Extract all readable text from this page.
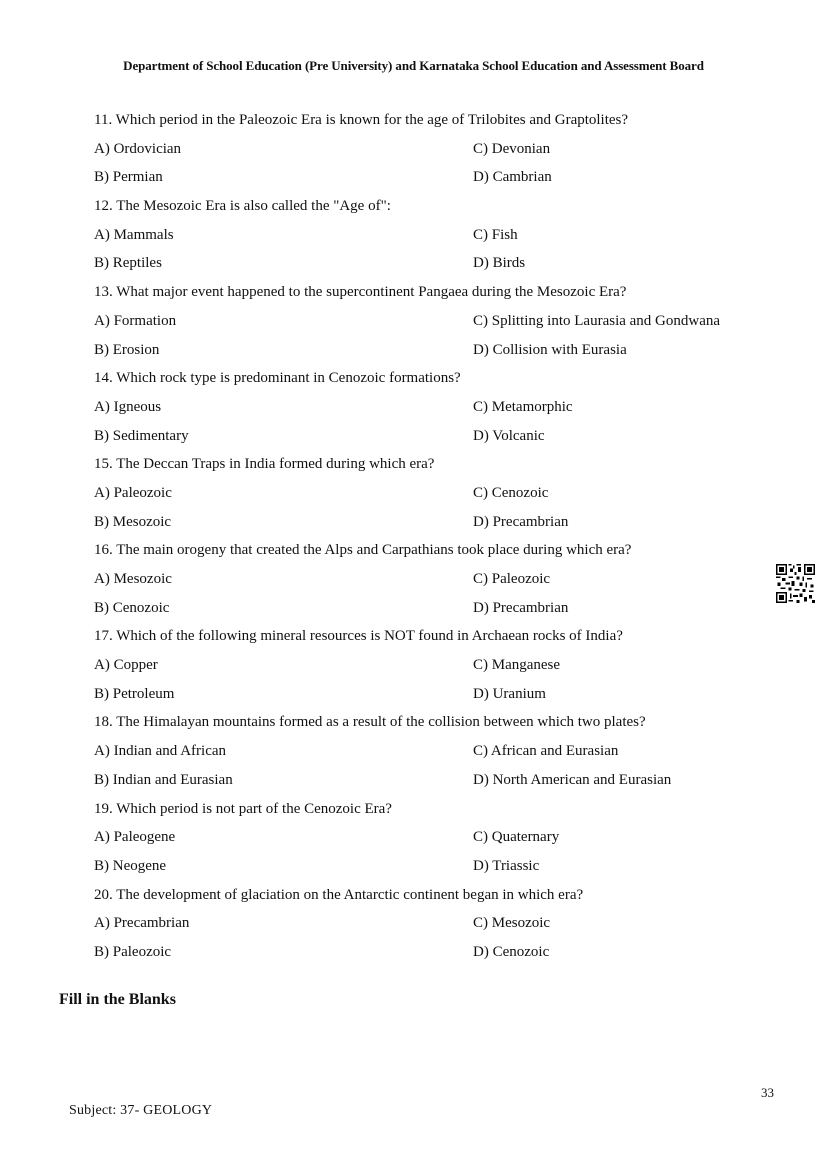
Department of School Education (Pre University) and Karnataka School Education and Assessment Board
11. Which period in the Paleozoic Era is known for the age of Trilobites and Graptolites?
A) Ordovician	C) Devonian
B) Permian	D) Cambrian
12. The Mesozoic Era is also called the "Age of":
A) Mammals	C) Fish
B) Reptiles	D) Birds
13. What major event happened to the supercontinent Pangaea during the Mesozoic Era?
A) Formation	C) Splitting into Laurasia and Gondwana
B) Erosion	D) Collision with Eurasia
14. Which rock type is predominant in Cenozoic formations?
A) Igneous	C) Metamorphic
B) Sedimentary	D) Volcanic
15. The Deccan Traps in India formed during which era?
A) Paleozoic	C) Cenozoic
B) Mesozoic	D) Precambrian
16. The main orogeny that created the Alps and Carpathians took place during which era?
A) Mesozoic	C) Paleozoic
B) Cenozoic	D) Precambrian
17. Which of the following mineral resources is NOT found in Archaean rocks of India?
A) Copper	C) Manganese
B) Petroleum	D) Uranium
18. The Himalayan mountains formed as a result of the collision between which two plates?
A) Indian and African	C) African and Eurasian
B) Indian and Eurasian	D) North American and Eurasian
19. Which period is not part of the Cenozoic Era?
A) Paleogene	C) Quaternary
B) Neogene	D) Triassic
20. The development of glaciation on the Antarctic continent began in which era?
A) Precambrian	C) Mesozoic
B) Paleozoic	D) Cenozoic
Fill in the Blanks
33
Subject: 37- GEOLOGY
